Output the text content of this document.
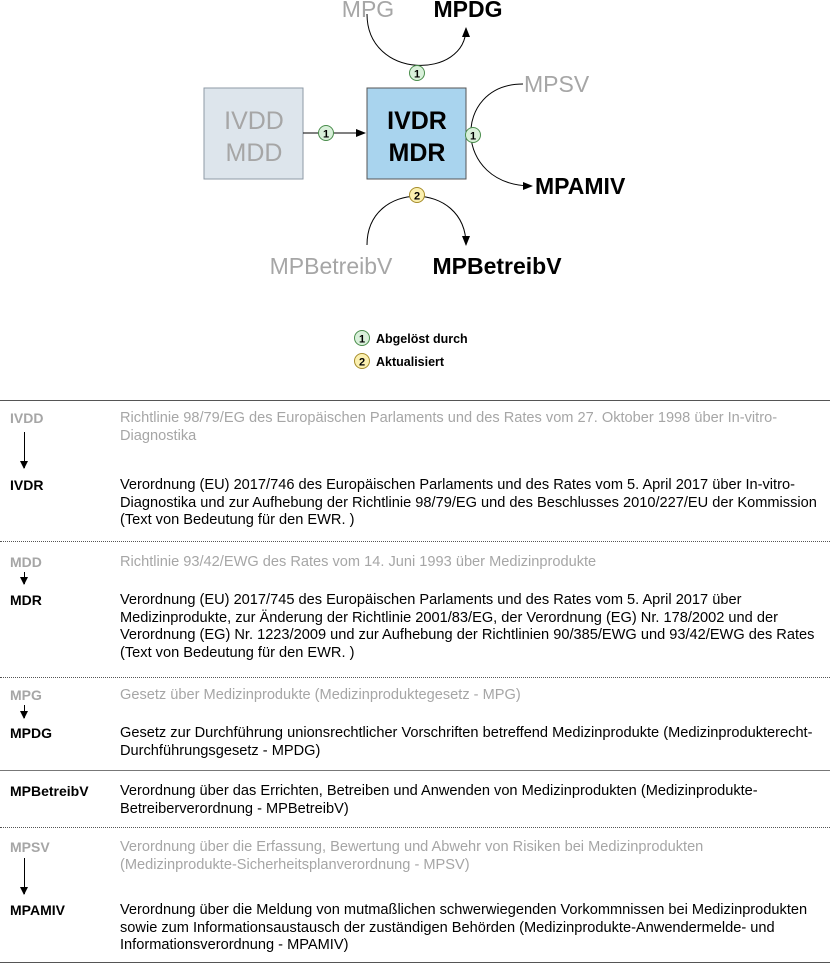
IVDD
MDD
IVDR
MDR
1
1
MPG MPDG
1
MPSV
MPAMIV
2
MPBetreibV MPBetreibV
1 Abgelöst durch
2 Aktualisiert
IVDD	Richtlinie 98/79/EG des Europäischen Parlaments und des Rates vom 27. Oktober 1998 über In-vitro-Diagnostika
IVDR	Verordnung (EU) 2017/746 des Europäischen Parlaments und des Rates vom 5. April 2017 über In-vitro-Diagnostika und zur Aufhebung der Richtlinie 98/79/EG und des Beschlusses 2010/227/EU der Kommission (Text von Bedeutung für den EWR. )
MDD	Richtlinie 93/42/EWG des Rates vom 14. Juni 1993 über Medizinprodukte
MDR	Verordnung (EU) 2017/745 des Europäischen Parlaments und des Rates vom 5. April 2017 über Medizinprodukte, zur Änderung der Richtlinie 2001/83/EG, der Verordnung (EG) Nr. 178/2002 und der Verordnung (EG) Nr. 1223/2009 und zur Aufhebung der Richtlinien 90/385/EWG und 93/42/EWG des Rates (Text von Bedeutung für den EWR. )
MPG	Gesetz über Medizinprodukte (Medizinproduktegesetz - MPG)
MPDG	Gesetz zur Durchführung unionsrechtlicher Vorschriften betreffend Medizinprodukte (Medizinprodukterecht-Durchführungsgesetz - MPDG)
MPBetreibV Verordnung über das Errichten, Betreiben und Anwenden von Medizinprodukten (Medizinprodukte-Betreiberverordnung - MPBetreibV)
MPSV	Verordnung über die Erfassung, Bewertung und Abwehr von Risiken bei Medizinprodukten (Medizinprodukte-Sicherheitsplanverordnung - MPSV)
MPAMIV	Verordnung über die Meldung von mutmaßlichen schwerwiegenden Vorkommnissen bei Medizinprodukten sowie zum Informationsaustausch der zuständigen Behörden (Medizinprodukte-Anwendermelde- und Informationsverordnung - MPAMIV)
